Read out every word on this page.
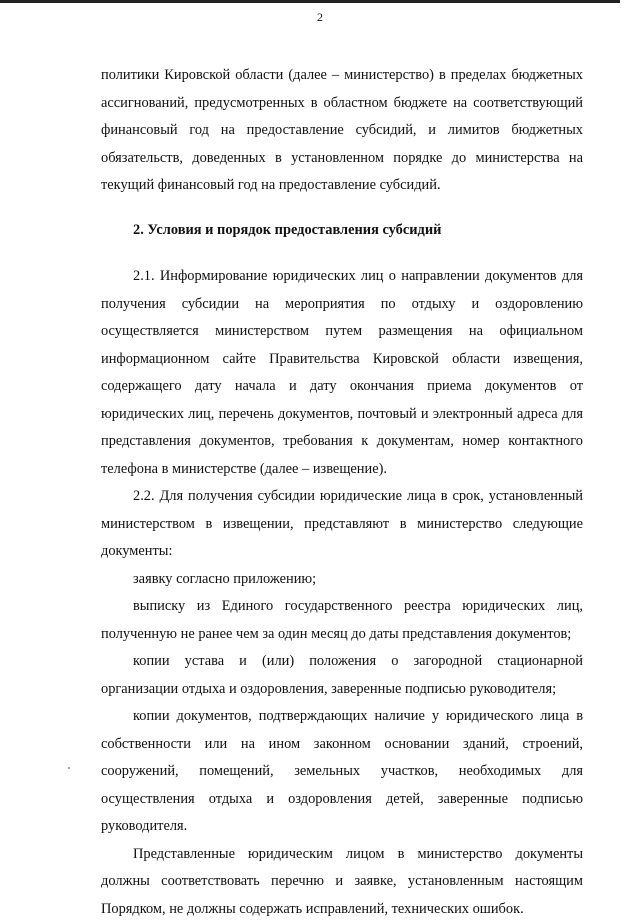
2

политики Кировской области (далее – министерство) в пределах бюджетных ассигнований, предусмотренных в областном бюджете на соответствующий финансовый год на предоставление субсидий, и лимитов бюджетных обязательств, доведенных в установленном порядке до министерства на текущий финансовый год на предоставление субсидий.

2. Условия и порядок предоставления субсидий

2.1. Информирование юридических лиц о направлении документов для получения субсидии на мероприятия по отдыху и оздоровлению осуществляется министерством путем размещения на официальном информационном сайте Правительства Кировской области извещения, содержащего дату начала и дату окончания приема документов от юридических лиц, перечень документов, почтовый и электронный адреса для представления документов, требования к документам, номер контактного телефона в министерстве (далее – извещение).

2.2. Для получения субсидии юридические лица в срок, установленный министерством в извещении, представляют в министерство следующие документы:

заявку согласно приложению;

выписку из Единого государственного реестра юридических лиц, полученную не ранее чем за один месяц до даты представления документов;

копии устава и (или) положения о загородной стационарной организации отдыха и оздоровления, заверенные подписью руководителя;

копии документов, подтверждающих наличие у юридического лица в собственности или на ином законном основании зданий, строений, сооружений, помещений, земельных участков, необходимых для осуществления отдыха и оздоровления детей, заверенные подписью руководителя.

Представленные юридическим лицом в министерство документы должны соответствовать перечню и заявке, установленным настоящим Порядком, не должны содержать исправлений, технических ошибок.
